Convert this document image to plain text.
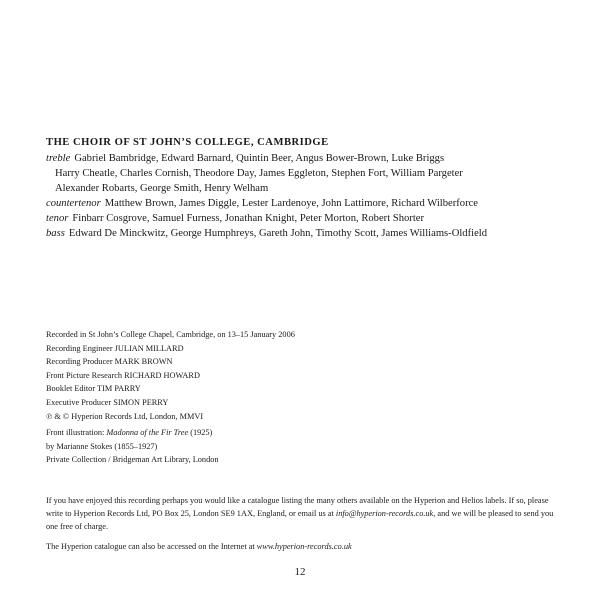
THE CHOIR OF ST JOHN’S COLLEGE, CAMBRIDGE
treble Gabriel Bambridge, Edward Barnard, Quintin Beer, Angus Bower-Brown, Luke Briggs
Harry Cheatle, Charles Cornish, Theodore Day, James Eggleton, Stephen Fort, William Pargeter
Alexander Robarts, George Smith, Henry Welham
countertenor Matthew Brown, James Diggle, Lester Lardenoye, John Lattimore, Richard Wilberforce
tenor Finbarr Cosgrove, Samuel Furness, Jonathan Knight, Peter Morton, Robert Shorter
bass Edward De Minckwitz, George Humphreys, Gareth John, Timothy Scott, James Williams-Oldfield
Recorded in St John’s College Chapel, Cambridge, on 13–15 January 2006
Recording Engineer JULIAN MILLARD
Recording Producer MARK BROWN
Front Picture Research RICHARD HOWARD
Booklet Editor TIM PARRY
Executive Producer SIMON PERRY
℗ & © Hyperion Records Ltd, London, MMVI
Front illustration: Madonna of the Fir Tree (1925)
by Marianne Stokes (1855–1927)
Private Collection / Bridgeman Art Library, London

If you have enjoyed this recording perhaps you would like a catalogue listing the many others available on the Hyperion and Helios labels. If so, please write to Hyperion Records Ltd, PO Box 25, London SE9 1AX, England, or email us at info@hyperion-records.co.uk, and we will be pleased to send you one free of charge.

The Hyperion catalogue can also be accessed on the Internet at www.hyperion-records.co.uk

12
